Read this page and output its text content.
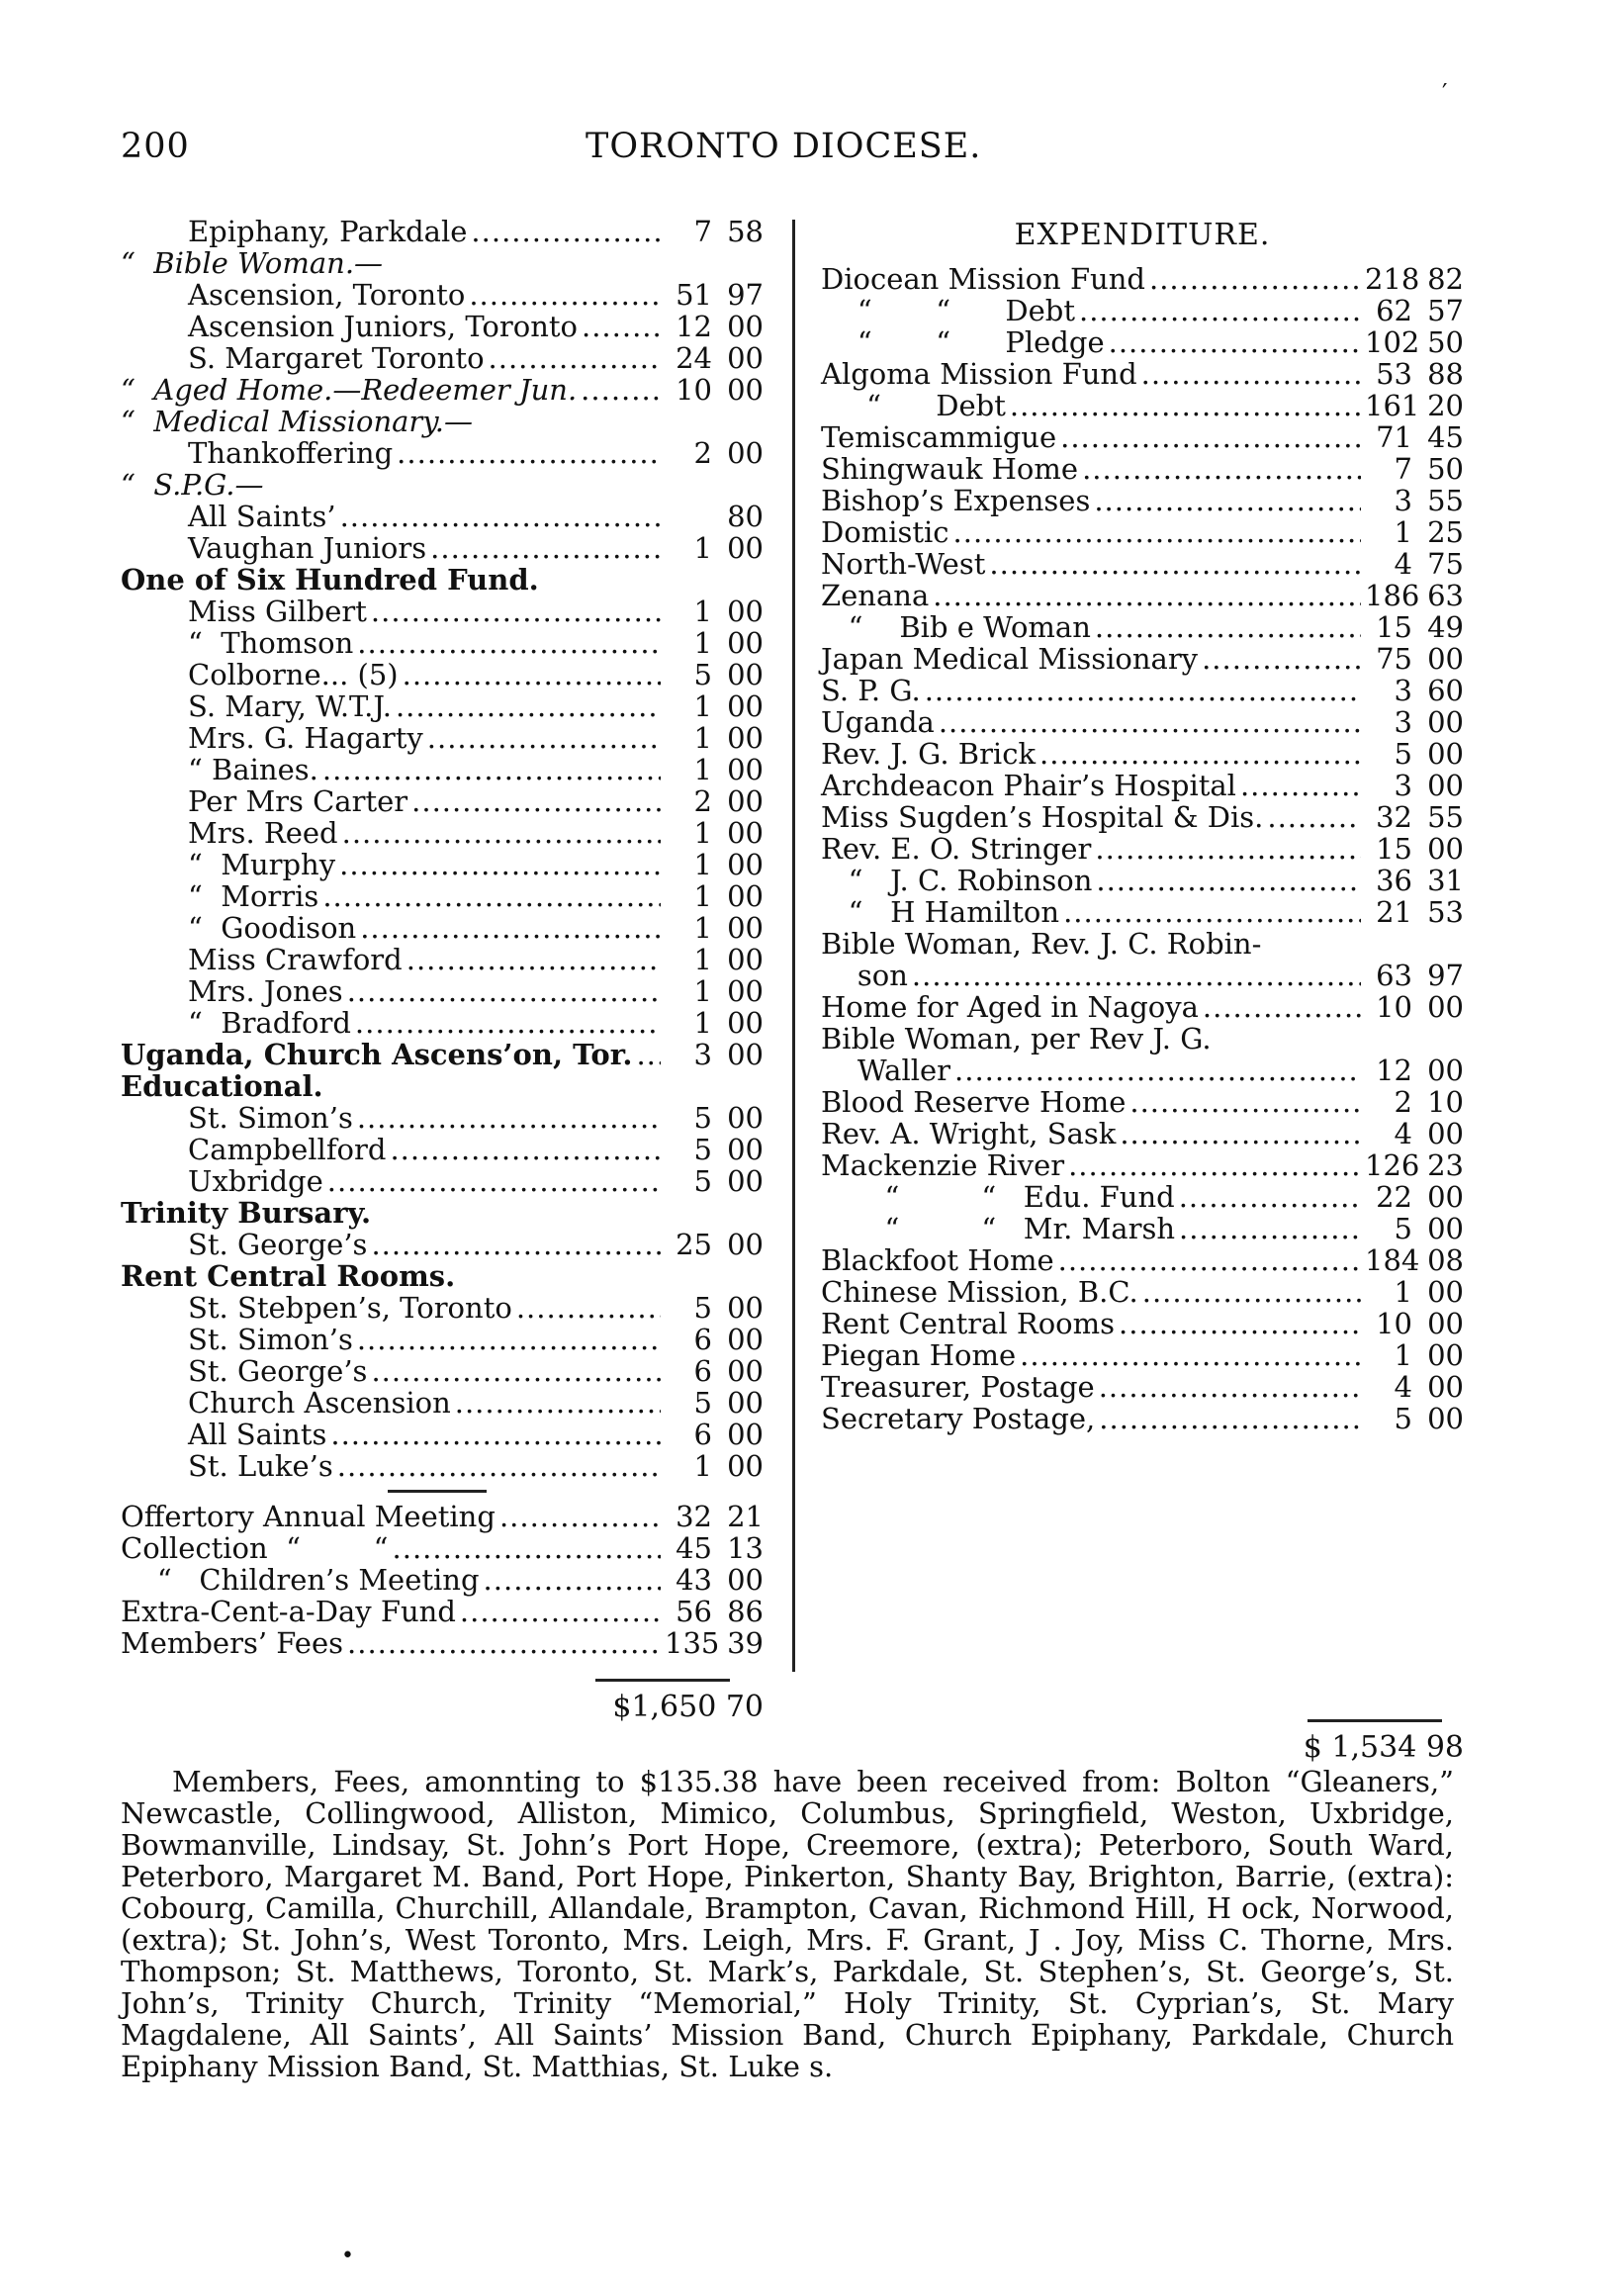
′
200	TORONTO DIOCESE.
Epiphany, Parkdale .....	7 58
“  Bible Woman.—
Ascension, Toronto .....	51 97
Ascension Juniors, Toronto .....	12 00
S. Margaret Toronto .....	24 00
“  Aged Home.—Redeemer Jun. .....	10 00
“  Medical Missionary.—
Thankoffering .....	2 00
“  S.P.G.—
All Saints’ .....	80
Vaughan Juniors .....	1 00
One of Six Hundred Fund.
Miss Gilbert .....	1 00
“  Thomson .....	1 00
Colborne... (5) .....	5 00
S. Mary, W.T.J. .....	1 00
Mrs. G. Hagarty .....	1 00
“ Baines. .....	1 00
Per Mrs Carter .....	2 00
Mrs. Reed .....	1 00
“  Murphy .....	1 00
“  Morris .....	1 00
“  Goodison .....	1 00
Miss Crawford .....	1 00
Mrs. Jones .....	1 00
“  Bradford .....	1 00
Uganda, Church Ascens’on, Tor. .....	3 00
Educational.
St. Simon’s .....	5 00
Campbellford .....	5 00
Uxbridge .....	5 00
Trinity Bursary.
St. George’s .....	25 00
Rent Central Rooms.
St. Stebpen’s, Toronto .....	5 00
St. Simon’s .....	6 00
St. George’s .....	6 00
Church Ascension .....	5 00
All Saints .....	6 00
St. Luke’s .....	1 00
Offertory Annual Meeting .....	32 21
Collection  “        “ .....	45 13
“   Children’s Meeting .....	43 00
Extra-Cent-a-Day Fund .....	56 86
Members’ Fees .....	135 39
$1,650 70
EXPENDITURE.
Diocean Mission Fund .....	218 82
“       “      Debt .....	62 57
“       “      Pledge .....	102 50
Algoma Mission Fund .....	53 88
“      Debt .....	161 20
Temiscammigue .....	71 45
Shingwauk Home .....	7 50
Bishop’s Expenses .....	3 55
Domistic .....	1 25
North-West .....	4 75
Zenana .....	186 63
“    Bib e Woman .....	15 49
Japan Medical Missionary .....	75 00
S. P. G. .....	3 60
Uganda .....	3 00
Rev. J. G. Brick .....	5 00
Archdeacon Phair’s Hospital .....	3 00
Miss Sugden’s Hospital & Dis. .....	32 55
Rev. E. O. Stringer .....	15 00
“   J. C. Robinson .....	36 31
“   H Hamilton .....	21 53
Bible Woman, Rev. J. C. Robin-
son .....	63 97
Home for Aged in Nagoya .....	10 00
Bible Woman, per Rev J. G.
Waller .....	12 00
Blood Reserve Home .....	2 10
Rev. A. Wright, Sask .....	4 00
Mackenzie River .....	126 23
“         “   Edu. Fund .....	22 00
“         “   Mr. Marsh .....	5 00
Blackfoot Home .....	184 08
Chinese Mission, B.C. .....	1 00
Rent Central Rooms .....	10 00
Piegan Home .....	1 00
Treasurer, Postage .....	4 00
Secretary Postage, .....	5 00
$ 1,534 98
Members, Fees, amonnting to $135.38 have been received from: Bolton “Gleaners,” Newcastle, Collingwood, Alliston, Mimico, Columbus, Springfield, Weston, Uxbridge, Bowmanville, Lindsay, St. John’s Port Hope, Creemore, (extra); Peterboro, South Ward, Peterboro, Margaret M. Band, Port Hope, Pinkerton, Shanty Bay, Brighton, Barrie, (extra): Cobourg, Camilla, Churchill, Allandale, Brampton, Cavan, Richmond Hill, H ock, Norwood, (extra); St. John’s, West Toronto, Mrs. Leigh, Mrs. F. Grant, J . Joy, Miss C. Thorne, Mrs. Thompson; St. Matthews, Toronto, St. Mark’s, Parkdale, St. Stephen’s, St. George’s, St. John’s, Trinity Church, Trinity “Memorial,” Holy Trinity, St. Cyprian’s, St. Mary Magdalene, All Saints’, All Saints’ Mission Band, Church Epiphany, Parkdale, Church Epiphany Mission Band, St. Matthias, St. Luke s.
•
